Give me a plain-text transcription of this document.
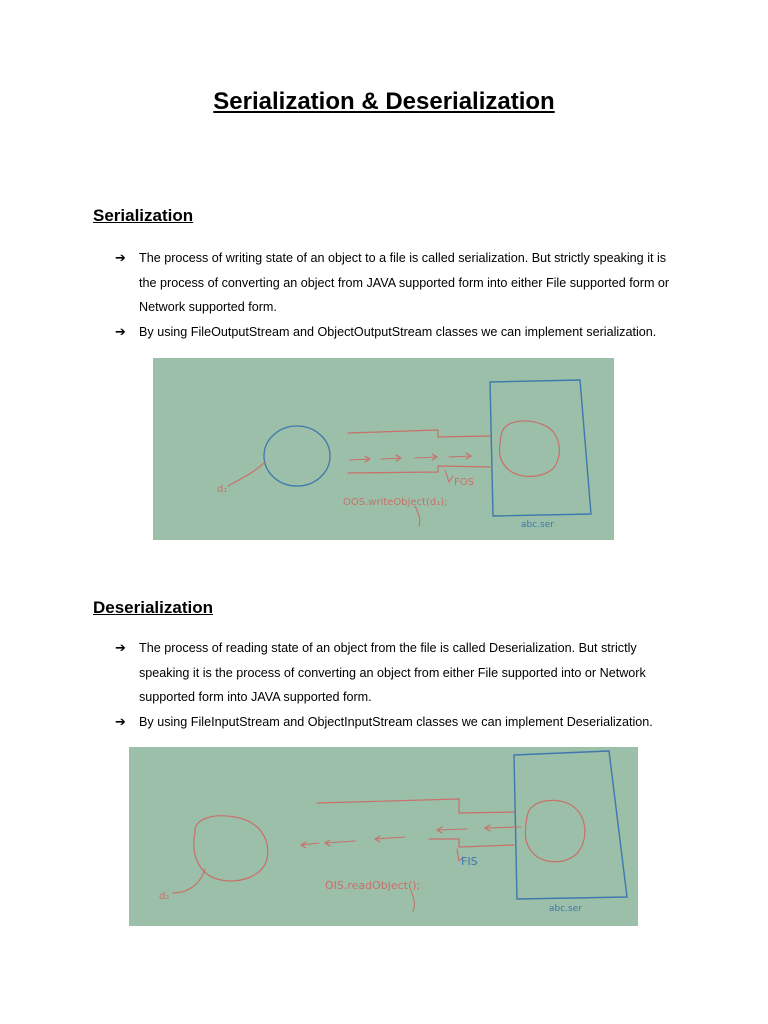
Serialization & Deserialization
Serialization
➔ The process of writing state of an object to a file is called serialization. But strictly speaking it is the process of converting an object from JAVA supported form into either File supported form or Network supported form.
➔ By using FileOutputStream and ObjectOutputStream classes we can implement serialization.
d₁
FOS
OOS.writeObject(d₁);
abc.ser
Deserialization
➔ The process of reading state of an object from the file is called Deserialization. But strictly speaking it is the process of converting an object from either File supported into or Network supported form into JAVA supported form.
➔ By using FileInputStream and ObjectInputStream classes we can implement Deserialization.
d₂
FIS
OIS.readObject();
abc.ser
